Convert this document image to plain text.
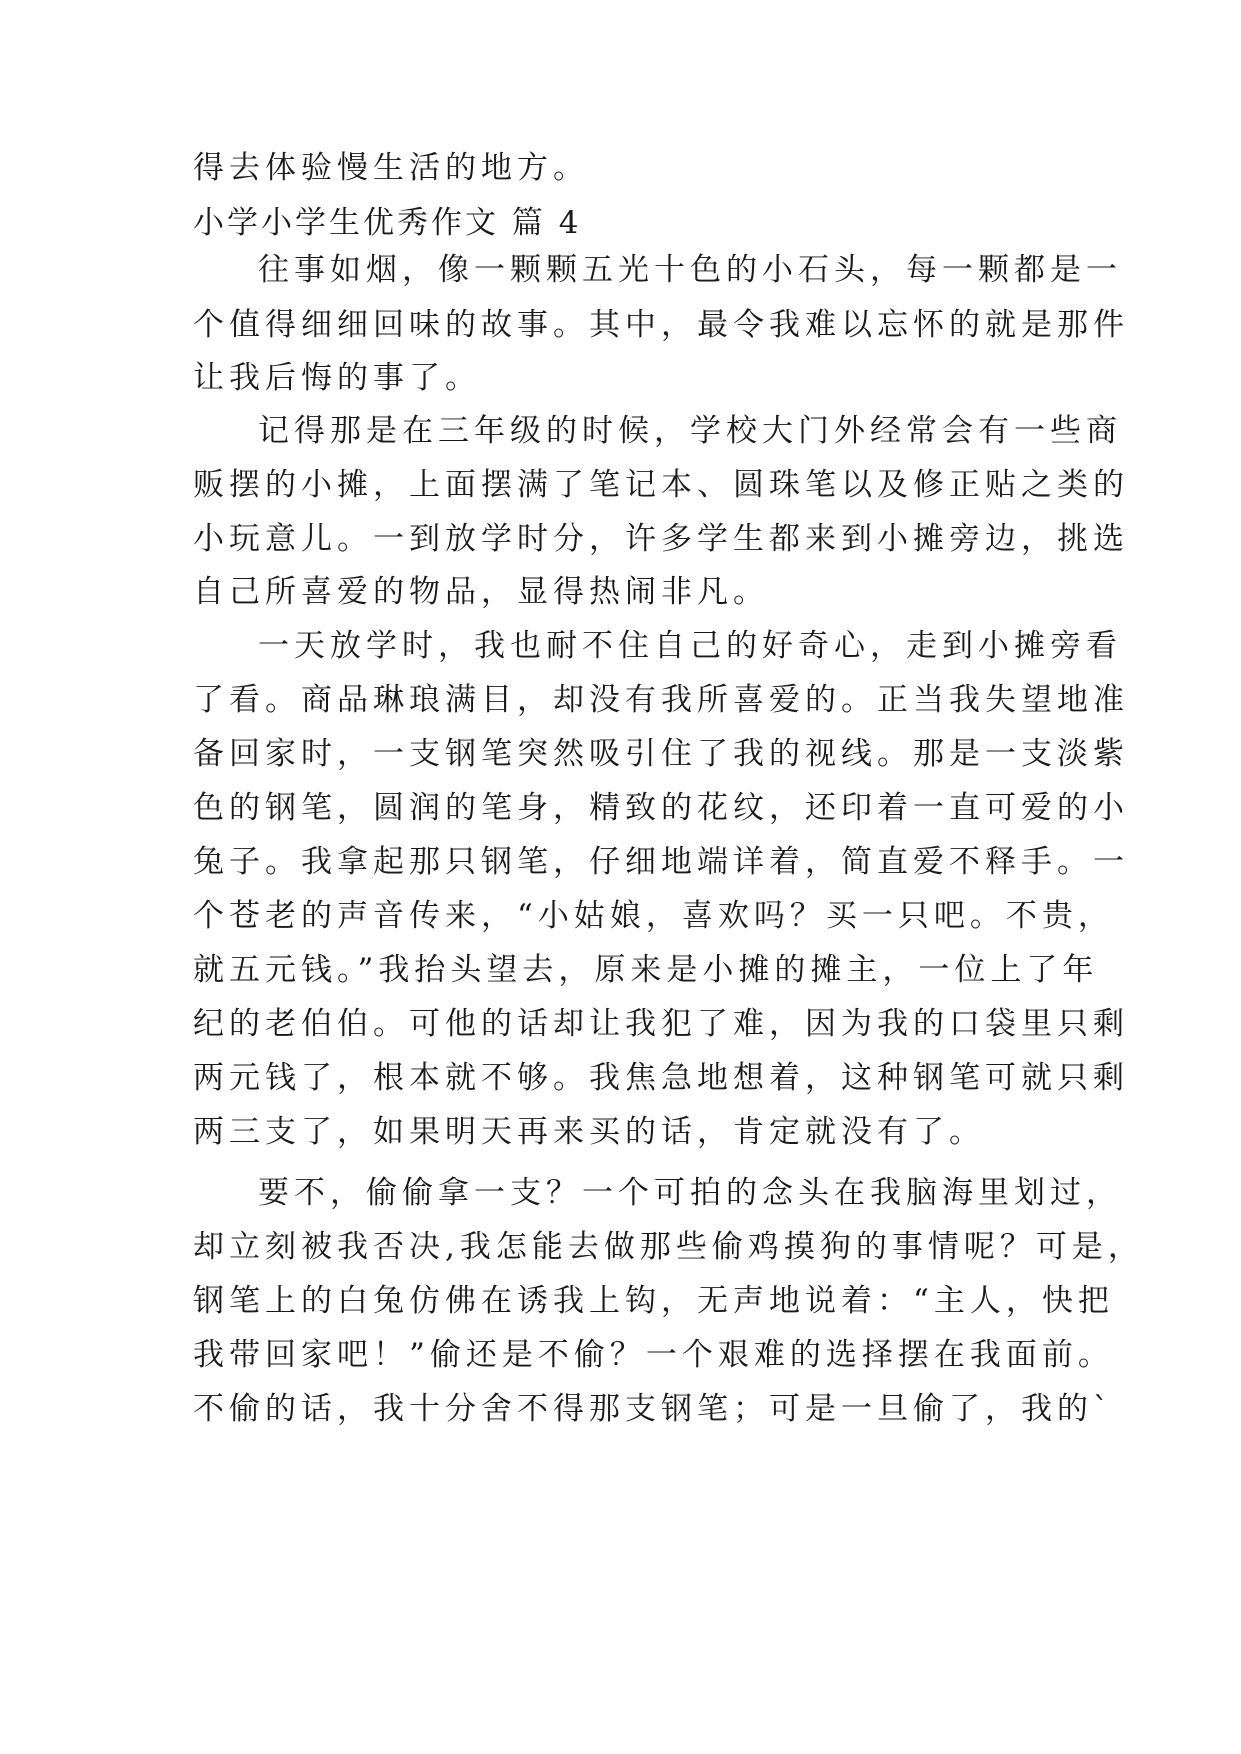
得去体验慢生活的地方。
小学小学生优秀作文 篇 4
往事如烟，像一颗颗五光十色的小石头，每一颗都是一
个值得细细回味的故事。其中，最令我难以忘怀的就是那件
让我后悔的事了。
记得那是在三年级的时候，学校大门外经常会有一些商
贩摆的小摊，上面摆满了笔记本、圆珠笔以及修正贴之类的
小玩意儿。一到放学时分，许多学生都来到小摊旁边，挑选
自己所喜爱的物品，显得热闹非凡。
一天放学时，我也耐不住自己的好奇心，走到小摊旁看
了看。商品琳琅满目，却没有我所喜爱的。正当我失望地准
备回家时，一支钢笔突然吸引住了我的视线。那是一支淡紫
色的钢笔，圆润的笔身，精致的花纹，还印着一直可爱的小
兔子。我拿起那只钢笔，仔细地端详着，简直爱不释手。一
个苍老的声音传来，“小姑娘，喜欢吗？买一只吧。不贵，
就五元钱。”我抬头望去，原来是小摊的摊主，一位上了年
纪的老伯伯。可他的话却让我犯了难，因为我的口袋里只剩
两元钱了，根本就不够。我焦急地想着，这种钢笔可就只剩
两三支了，如果明天再来买的话，肯定就没有了。
要不，偷偷拿一支？一个可拍的念头在我脑海里划过，
却立刻被我否决,我怎能去做那些偷鸡摸狗的事情呢？可是，
钢笔上的白兔仿佛在诱我上钩，无声地说着：“主人，快把
我带回家吧！”偷还是不偷？一个艰难的选择摆在我面前。
不偷的话，我十分舍不得那支钢笔；可是一旦偷了，我的`
